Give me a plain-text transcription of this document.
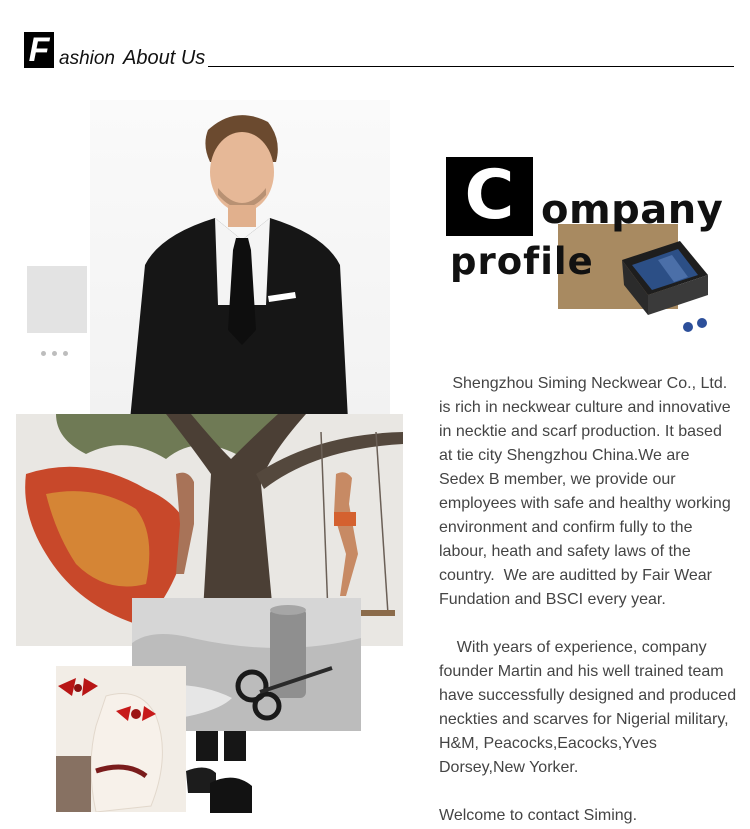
F ashion About Us
C ompany
profile

Shengzhou Siming Neckwear Co., Ltd. is rich in neckwear culture and innovative in necktie and scarf production. It based at tie city Shengzhou China.We are Sedex B member, we provide our employees with safe and healthy working environment and confirm fully to the labour, heath and safety laws of the country.  We are auditted by Fair Wear Fundation and BSCI every year.

With years of experience, company founder Martin and his well trained team have successfully designed and produced neckties and scarves for Nigerial military, H&M, Peacocks,Eacocks,Yves Dorsey,New Yorker.

Welcome to contact Siming.
